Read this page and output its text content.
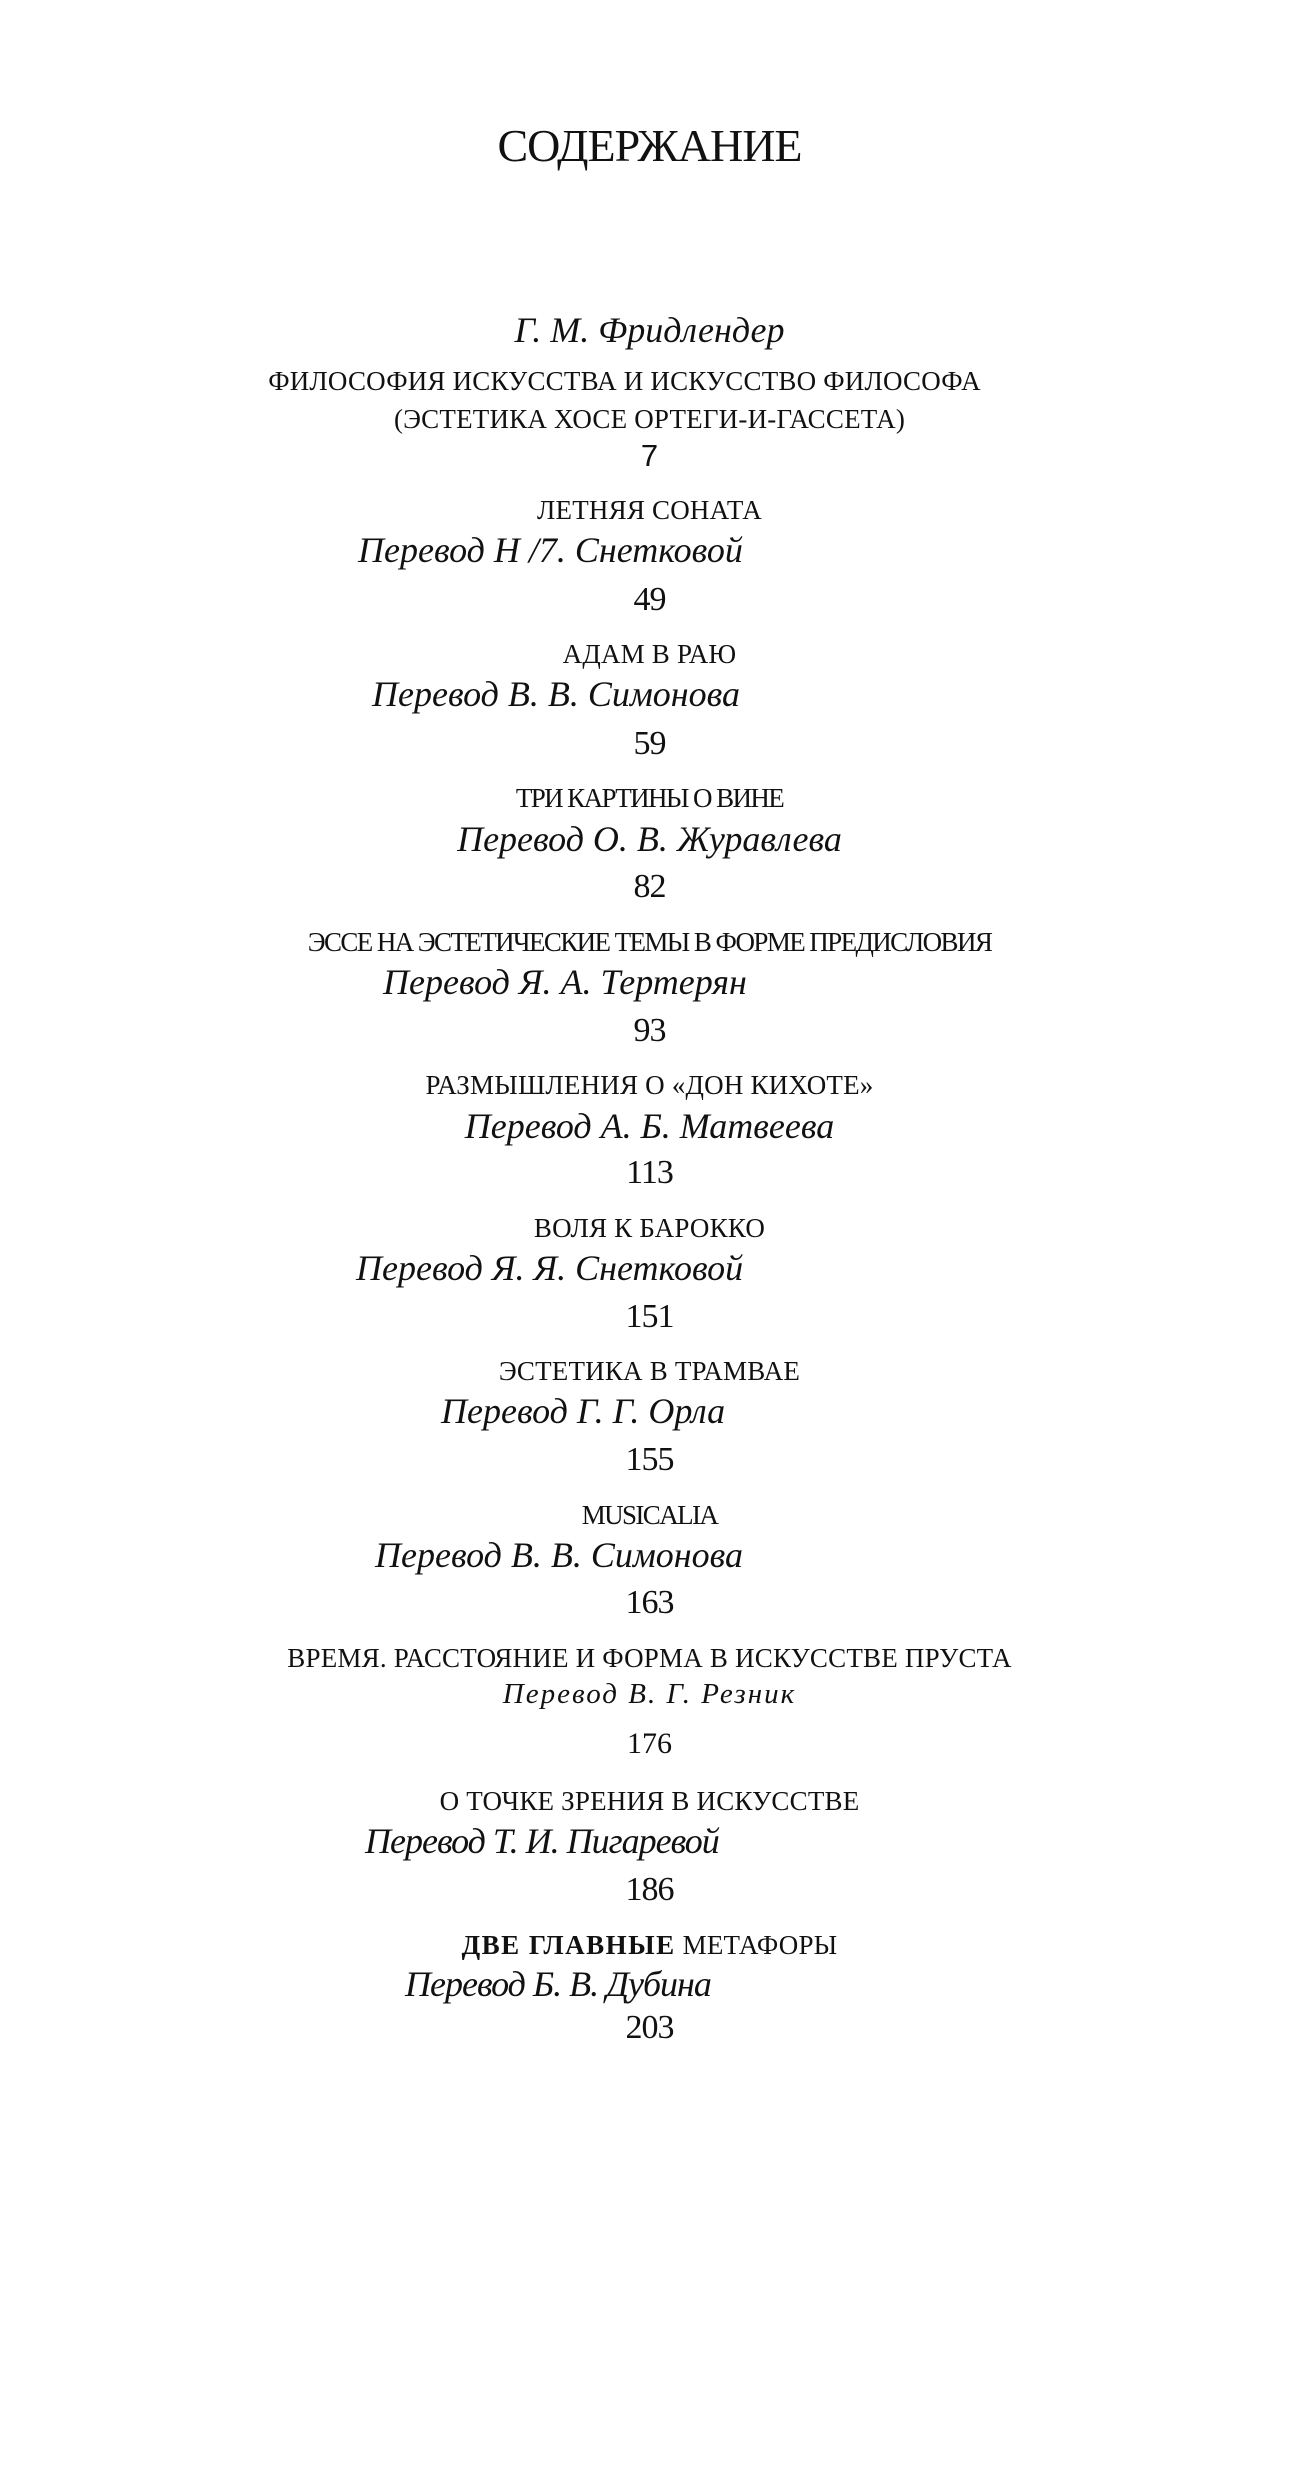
СОДЕРЖАНИЕ
Г. М. Фридлендер
ФИЛОСОФИЯ ИСКУССТВА И ИСКУССТВО ФИЛОСОФА
(ЭСТЕТИКА ХОСЕ ОРТЕГИ-И-ГАССЕТА)
7
ЛЕТНЯЯ СОНАТА
Перевод Н /7. Снетковой
49
АДАМ В РАЮ
Перевод В. В. Симонова
59
ТРИ КАРТИНЫ О ВИНЕ
Перевод О. В. Журавлева
82
ЭССЕ НА ЭСТЕТИЧЕСКИЕ ТЕМЫ В ФОРМЕ ПРЕДИСЛОВИЯ
Перевод Я. А. Тертерян
93
РАЗМЫШЛЕНИЯ О «ДОН КИХОТЕ»
Перевод А. Б. Матвеева
113
ВОЛЯ К БАРОККО
Перевод Я. Я. Снетковой
151
ЭСТЕТИКА В ТРАМВАЕ
Перевод Г. Г. Орла
155
MUSICALIA
Перевод В. В. Симонова
163
ВРЕМЯ. РАССТОЯНИЕ И ФОРМА В ИСКУССТВЕ ПРУСТА
Перевод В. Г. Резник
176
О ТОЧКЕ ЗРЕНИЯ В ИСКУССТВЕ
Перевод Т. И. Пигаревой
186
ДВЕ ГЛАВНЫЕ МЕТАФОРЫ
Перевод Б. В. Дубина
203
